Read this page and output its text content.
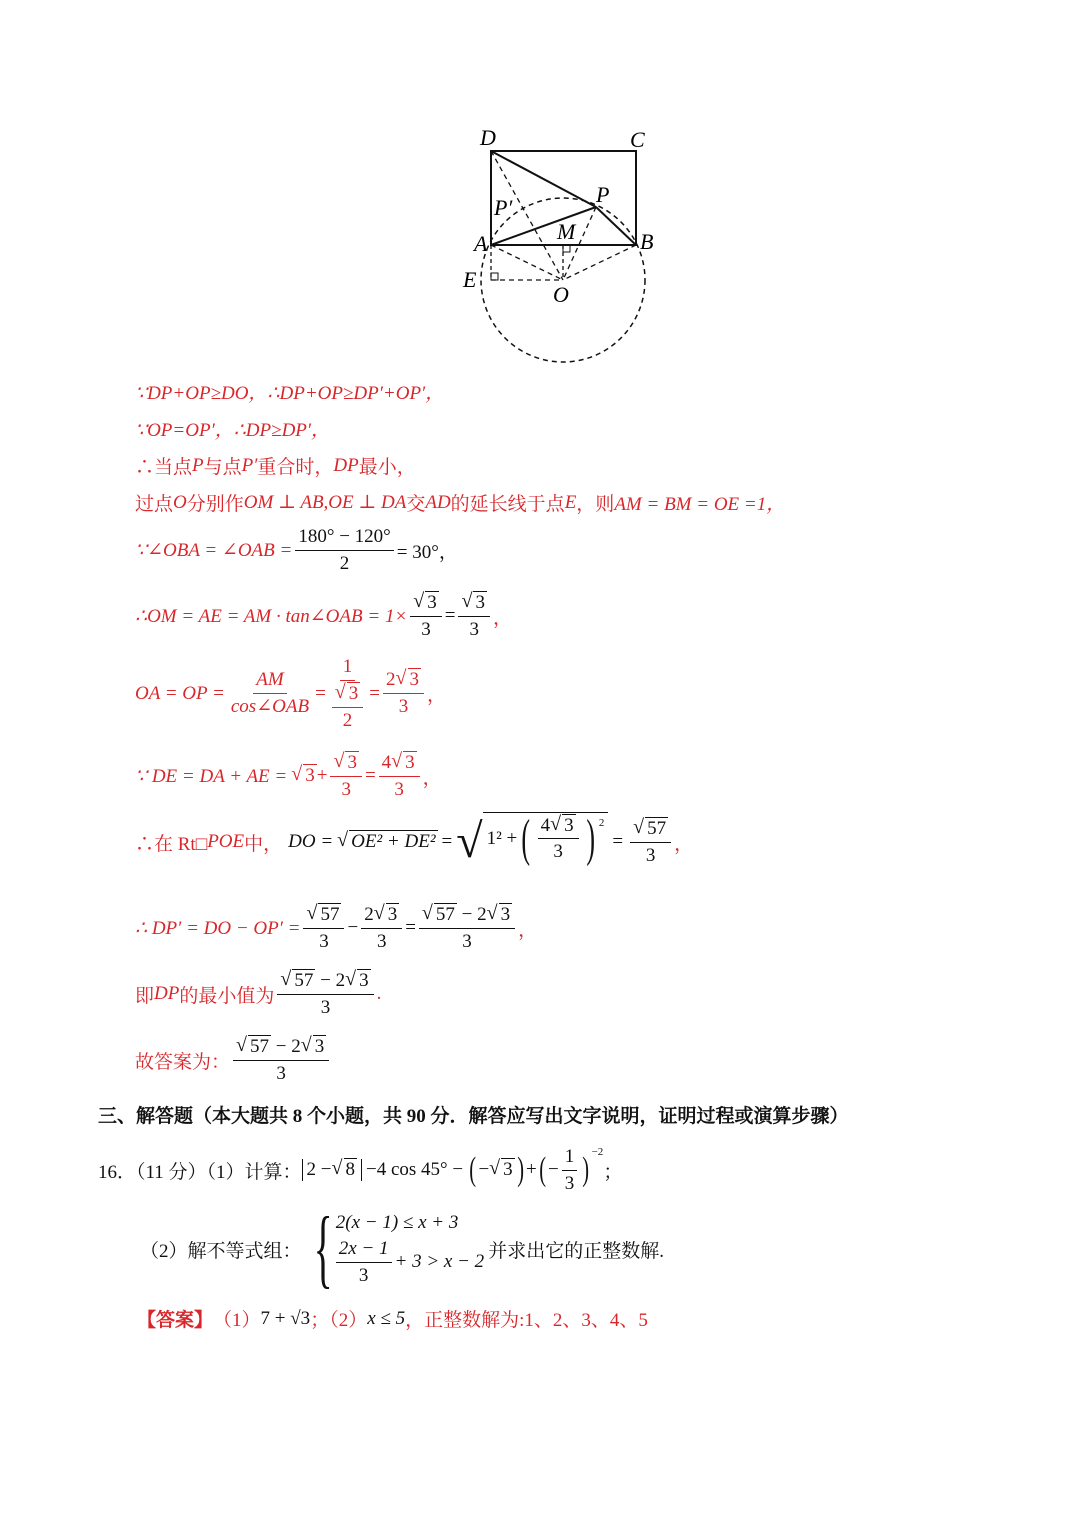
D	C
P
P′
A	M	B
E
O
∵DP+OP≥DO，∴DP+OP≥DP′+OP′，
∵OP=OP′，∴DP≥DP′，
∴当点 P 与点 P′ 重合时， DP 最小，
过点 O 分别作 OM ⊥ AB,OE ⊥ DA 交 AD 的延长线于点 E ，则 AM = BM = OE =1，
∵∠OBA = ∠OAB = $\frac{180^\circ - 120^\circ}{2} = 30^\circ$，
∴OM = AE = AM · tan∠OAB = 1× √ $\frac{3}{3}$ = √ $\frac{3}{3}$ ，
OA = OP = $\frac{AM}{\text{cos∠OAB}} = 1$
√ $\frac{3}{2} = \frac{2 √ 3}{3}$ ，
∵ DE = DA + AE = √ 3 + √ $\frac{3}{3} = \frac{4 √ 3}{3}$ ，
∴在 Rt□ POE 中， DO = √ OE² + DE² = √ 1² + ( $\frac{4 √ 3}{3}$ ) $^2$
= √ $\frac{57}{3}$ ，
∴ DP′ = DO − OP′ = √ $\frac{57}{3} - \frac{2 √ 3}{3}$ = √ $\frac{57 - 2 √ 3}{3}$ ，
即 DP 的最小值为 √ $\frac{57 - 2 √ 3}{3}$ .
故答案为： √ $\frac{57 - 2 √ 3}{3}$
三、解答题（本大题共 8 个小题，共 90 分．解答应写出文字说明，证明过程或演算步骤）
16．（11 分）（1）计算： 2 − √ 8 −4 cos 45° − ( − √ 3 ) + ( − $\frac{1}{3} )^{-2}$
；
（2）解不等式组： { 2(x − 1) ≤ x + 3
$\frac{2x - 1}{3} + 3 > x - 2$ 并求出它的正整数解.
【答案】 （1） 7 + √3 ；（2） x ≤ 5 ，正整数解为:1、2、3、4、5
